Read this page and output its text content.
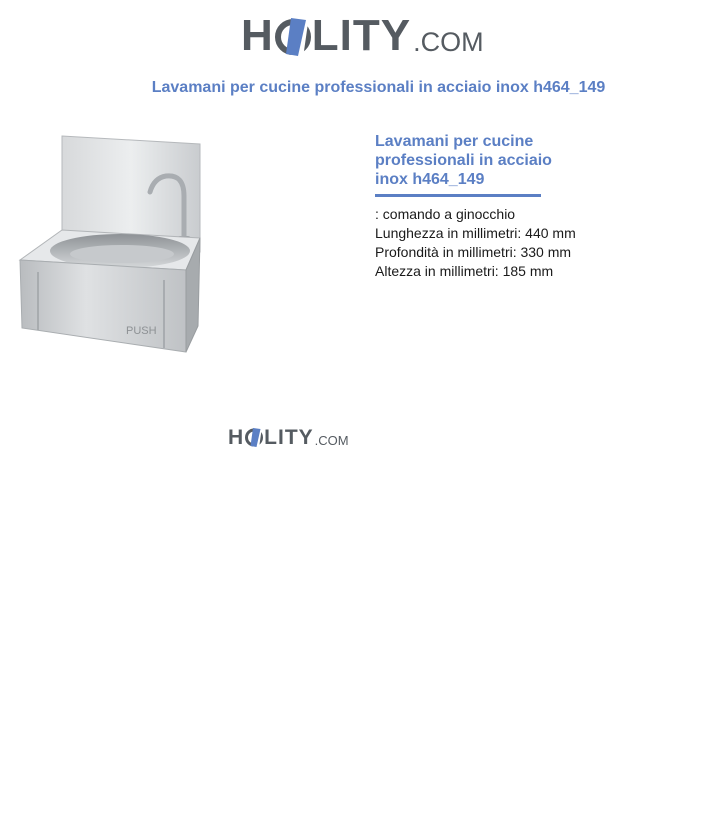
H LITY .COM
Lavamani per cucine professionali in acciaio inox h464_149
PUSH
Lavamani per cucine professionali in acciaio inox h464_149
: comando a ginocchio
Lunghezza in millimetri: 440 mm
Profondità in millimetri: 330 mm
Altezza in millimetri: 185 mm
H LITY .COM
